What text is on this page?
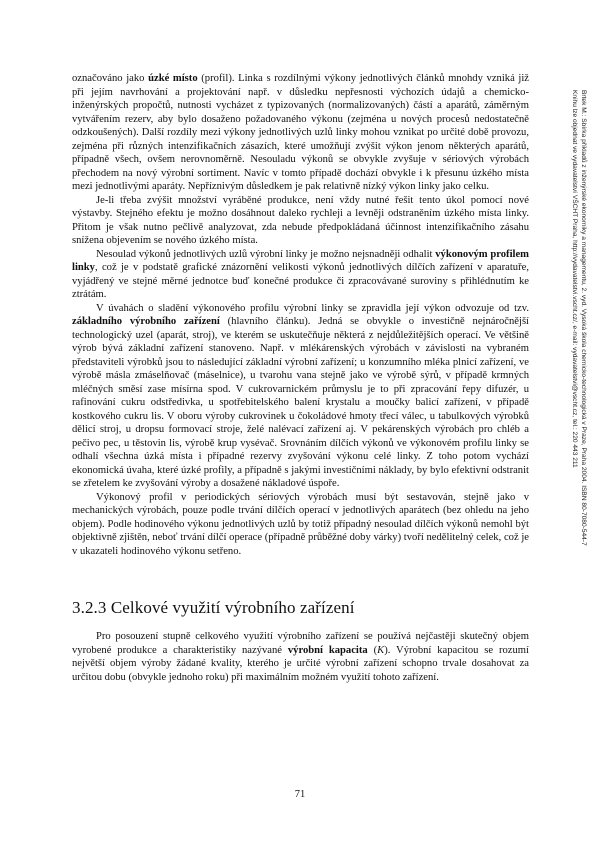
označováno jako úzké místo (profil). Linka s rozdílnými výkony jednotlivých článků mnohdy vzniká již při jejím navrhování a projektování např. v důsledku nepřesnosti výchozích údajů a chemicko-inženýrských propočtů, nutnosti vycházet z typizovaných (normalizovaných) částí a aparátů, záměrným vytvářením rezerv, aby bylo dosaženo požadovaného výkonu (zejména u nových procesů nedostatečně odzkoušených). Další rozdíly mezi výkony jednotlivých uzlů linky mohou vznikat po určité době provozu, zejména při různých intenzifikačních zásazích, které umožňují zvýšit výkon jenom některých aparátů, případně všech, ovšem nerovnoměrně. Nesouladu výkonů se obvykle zvyšuje v sériových výrobách přechodem na nový výrobní sortiment. Navíc v tomto případě dochází obvykle i k přesunu úzkého místa mezi jednotlivými aparáty. Nepříznivým důsledkem je pak relativně nízký výkon linky jako celku.

Je-li třeba zvýšit množství vyráběné produkce, není vždy nutné řešit tento úkol pomocí nové výstavby. Stejného efektu je možno dosáhnout daleko rychleji a levněji odstraněním úzkého místa linky. Přitom je však nutno pečlivě analyzovat, zda nebude předpokládaná účinnost intenzifikačního zásahu snížena objevením se nového úzkého místa.

Nesoulad výkonů jednotlivých uzlů výrobní linky je možno nejsnadněji odhalit výkonovým profilem linky, což je v podstatě grafické znázornění velikosti výkonů jednotlivých dílčích zařízení v aparatuře, vyjádřený ve stejné měrné jednotce buď konečné produkce či zpracovávané suroviny s přihlédnutím ke ztrátám.

V úvahách o sladění výkonového profilu výrobní linky se zpravidla její výkon odvozuje od tzv. základního výrobního zařízení (hlavního článku). Jedná se obvykle o investičně nejnáročnější technologický uzel (aparát, stroj), ve kterém se uskutečňuje některá z nejdůležitějších operací. Ve většině výrob bývá základní zařízení stanoveno. Např. v mlékárenských výrobách v závislosti na vybraném představiteli výrobků jsou to následující základní výrobní zařízení; u konzumního mléka plnicí zařízení, ve výrobě másla zmáselňovač (máselnice), u tvarohu vana stejně jako ve výrobě sýrů, v případě krmných mléčných směsí zase mísírna spod. V cukrovarnickém průmyslu je to při zpracování řepy difuzér, u rafinování cukru odstředivka, u spotřebitelského balení krystalu a moučky balicí zařízení, v případě kostkového cukru lis. V oboru výroby cukrovinek u čokoládové hmoty třecí válec, u tabulkových výrobků dělicí stroj, u dropsu formovací stroje, želé nalévací zařízení aj. V pekárenských výrobách pro chléb a pečivo pec, u těstovin lis, výrobě krup vysévač. Srovnáním dílčích výkonů ve výkonovém profilu linky se odhalí všechna úzká místa i případné rezervy zvyšování výkonu celé linky. Z toho potom vychází ekonomická úvaha, které úzké profily, a případně s jakými investičními náklady, by bylo efektivní odstranit se zřetelem ke zvyšování výroby a dosažené nákladové úspoře.

Výkonový profil v periodických sériových výrobách musí být sestavován, stejně jako v mechanických výrobách, pouze podle trvání dílčích operací v jednotlivých aparátech (bez ohledu na jeho objem). Podle hodinového výkonu jednotlivých uzlů by totiž případný nesoulad dílčích výkonů nemohl být objektivně zjištěn, neboť trvání dílčí operace (případně průběžné doby várky) tvoří nedělitelný celek, což je v ukazateli hodinového výkonu setřeno.

3.2.3 Celkové využití výrobního zařízení

Pro posouzení stupně celkového využití výrobního zařízení se používá nejčastěji skutečný objem vyrobené produkce a charakteristiky nazývané výrobní kapacita (K). Výrobní kapacitou se rozumí největší objem výroby žádané kvality, kterého je určité výrobní zařízení schopno trvale dosahovat za určitou dobu (obvykle jednoho roku) při maximálním možném využití tohoto zařízení.

Brtek M.: Sbírka příkladů z inženýrské ekonomiky a managementu, 2. vyd. Vysoká škola chemicko-technologická v Praze, Praha 2004. ISBN 80-7080-544-7
Knihu lze objednat ve vydavatelství VŠCHT Praha, http://vydavatelstvi.vscht.cz/, e-mail: vydavatelstvi@vscht.cz, tel.: 220 443 211
71
